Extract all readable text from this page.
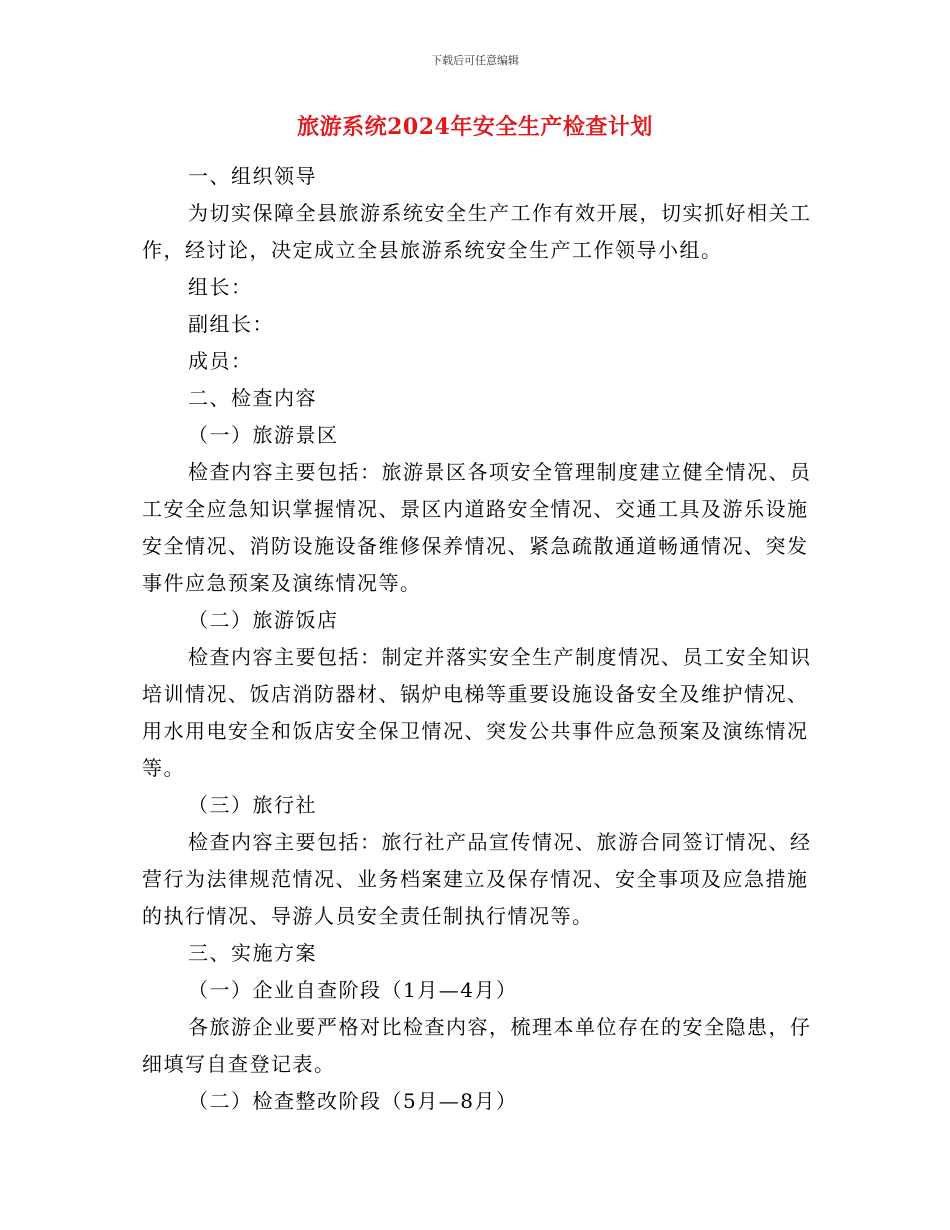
下载后可任意编辑
旅游系统2024年安全生产检查计划

一、组织领导

为切实保障全县旅游系统安全生产工作有效开展，切实抓好相关工作，经讨论，决定成立全县旅游系统安全生产工作领导小组。

组长：

副组长：

成员：

二、检查内容

（一）旅游景区

检查内容主要包括：旅游景区各项安全管理制度建立健全情况、员工安全应急知识掌握情况、景区内道路安全情况、交通工具及游乐设施安全情况、消防设施设备维修保养情况、紧急疏散通道畅通情况、突发事件应急预案及演练情况等。

（二）旅游饭店

检查内容主要包括：制定并落实安全生产制度情况、员工安全知识培训情况、饭店消防器材、锅炉电梯等重要设施设备安全及维护情况、用水用电安全和饭店安全保卫情况、突发公共事件应急预案及演练情况等。

（三）旅行社

检查内容主要包括：旅行社产品宣传情况、旅游合同签订情况、经营行为法律规范情况、业务档案建立及保存情况、安全事项及应急措施的执行情况、导游人员安全责任制执行情况等。

三、实施方案

（一）企业自查阶段（1月—4月）

各旅游企业要严格对比检查内容，梳理本单位存在的安全隐患，仔细填写自查登记表。

（二）检查整改阶段（5月—8月）
